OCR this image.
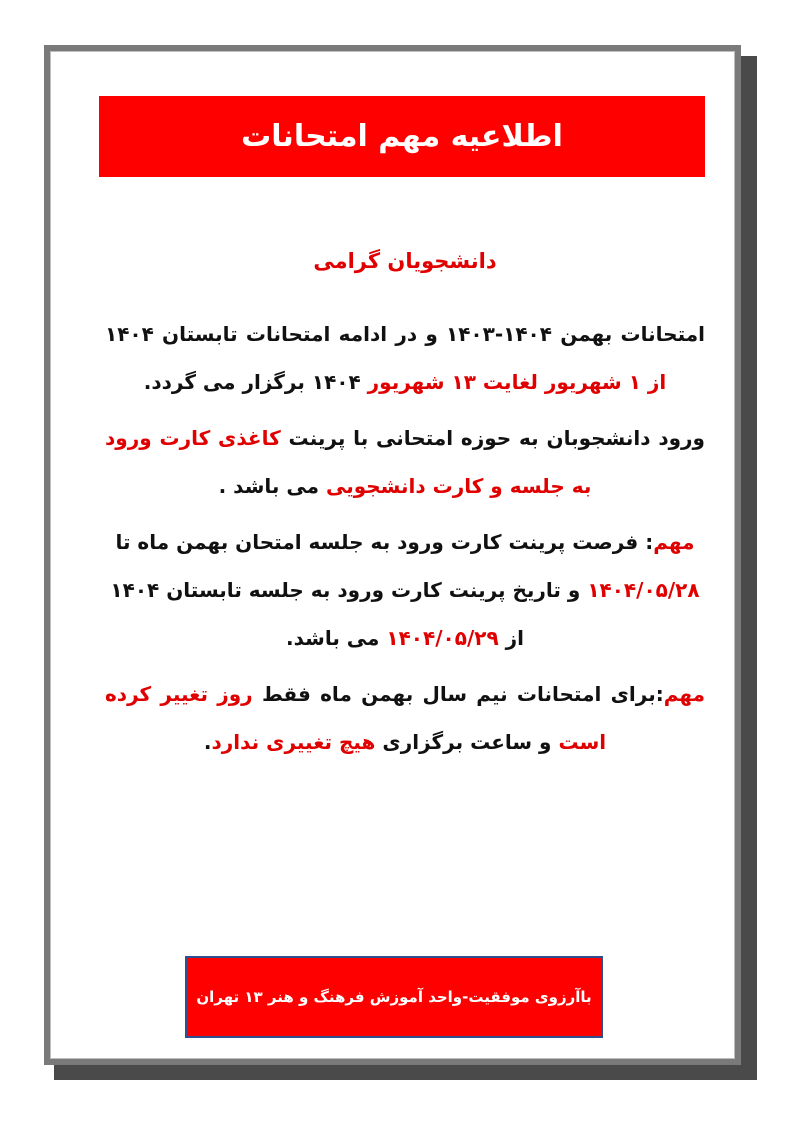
اطلاعیه مهم امتحانات
دانشجویان گرامی
امتحانات بهمن ۱۴۰۴-۱۴۰۳ و در ادامه امتحانات تابستان ۱۴۰۴ از ۱ شهریور لغایت ۱۳ شهریور ۱۴۰۴ برگزار می گردد.
ورود دانشجوبان به حوزه امتحانی با پرینت کاغذی کارت ورود به جلسه و کارت دانشجویی می باشد .
مهم: فرصت پرینت کارت ورود به جلسه امتحان بهمن ماه تا ۱۴۰۴/۰۵/۲۸ و تاریخ پرینت کارت ورود به جلسه تابستان ۱۴۰۴ از ۱۴۰۴/۰۵/۲۹ می باشد.
مهم:برای امتحانات نیم سال بهمن ماه فقط روز تغییر کرده است و ساعت برگزاری هیچ تغییری ندارد.
باآرزوی موفقیت-واحد آموزش فرهنگ و هنر ۱۳ تهران
